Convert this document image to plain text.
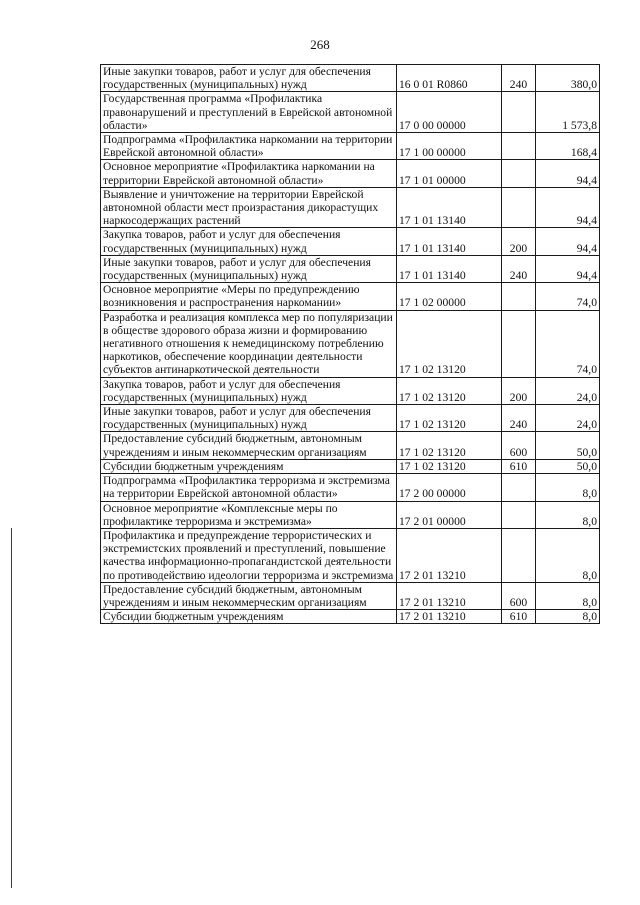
268
Иные закупки товаров, работ и услуг для обеспечения государственных (муниципальных) нужд	16 0 01 R0860	240	380,0
Государственная программа «Профилактика правонарушений и преступлений в Еврейской автономной области»	17 0 00 00000		1 573,8
Подпрограмма «Профилактика наркомании на территории Еврейской автономной области»	17 1 00 00000		168,4
Основное мероприятие «Профилактика наркомании на территории Еврейской автономной области»	17 1 01 00000		94,4
Выявление и уничтожение на территории Еврейской автономной области мест произрастания дикорастущих наркосодержащих растений	17 1 01 13140		94,4
Закупка товаров, работ и услуг для обеспечения государственных (муниципальных) нужд	17 1 01 13140	200	94,4
Иные закупки товаров, работ и услуг для обеспечения государственных (муниципальных) нужд	17 1 01 13140	240	94,4
Основное мероприятие «Меры по предупреждению возникновения и распространения наркомании»	17 1 02 00000		74,0
Разработка и реализация комплекса мер по популяризации в обществе здорового образа жизни и формированию негативного отношения к немедицинскому потреблению наркотиков, обеспечение координации деятельности субъектов антинаркотической деятельности	17 1 02 13120		74,0
Закупка товаров, работ и услуг для обеспечения государственных (муниципальных) нужд	17 1 02 13120	200	24,0
Иные закупки товаров, работ и услуг для обеспечения государственных (муниципальных) нужд	17 1 02 13120	240	24,0
Предоставление субсидий бюджетным, автономным учреждениям и иным некоммерческим организациям	17 1 02 13120	600	50,0
Субсидии бюджетным учреждениям	17 1 02 13120	610	50,0
Подпрограмма «Профилактика терроризма и экстремизма на территории Еврейской автономной области»	17 2 00 00000		8,0
Основное мероприятие «Комплексные меры по профилактике терроризма и экстремизма»	17 2 01 00000		8,0
Профилактика и предупреждение террористических и экстремистских проявлений и преступлений, повышение качества информационно-пропагандистской деятельности по противодействию идеологии терроризма и экстремизма	17 2 01 13210		8,0
Предоставление субсидий бюджетным, автономным учреждениям и иным некоммерческим организациям	17 2 01 13210	600	8,0
Субсидии бюджетным учреждениям	17 2 01 13210	610	8,0
